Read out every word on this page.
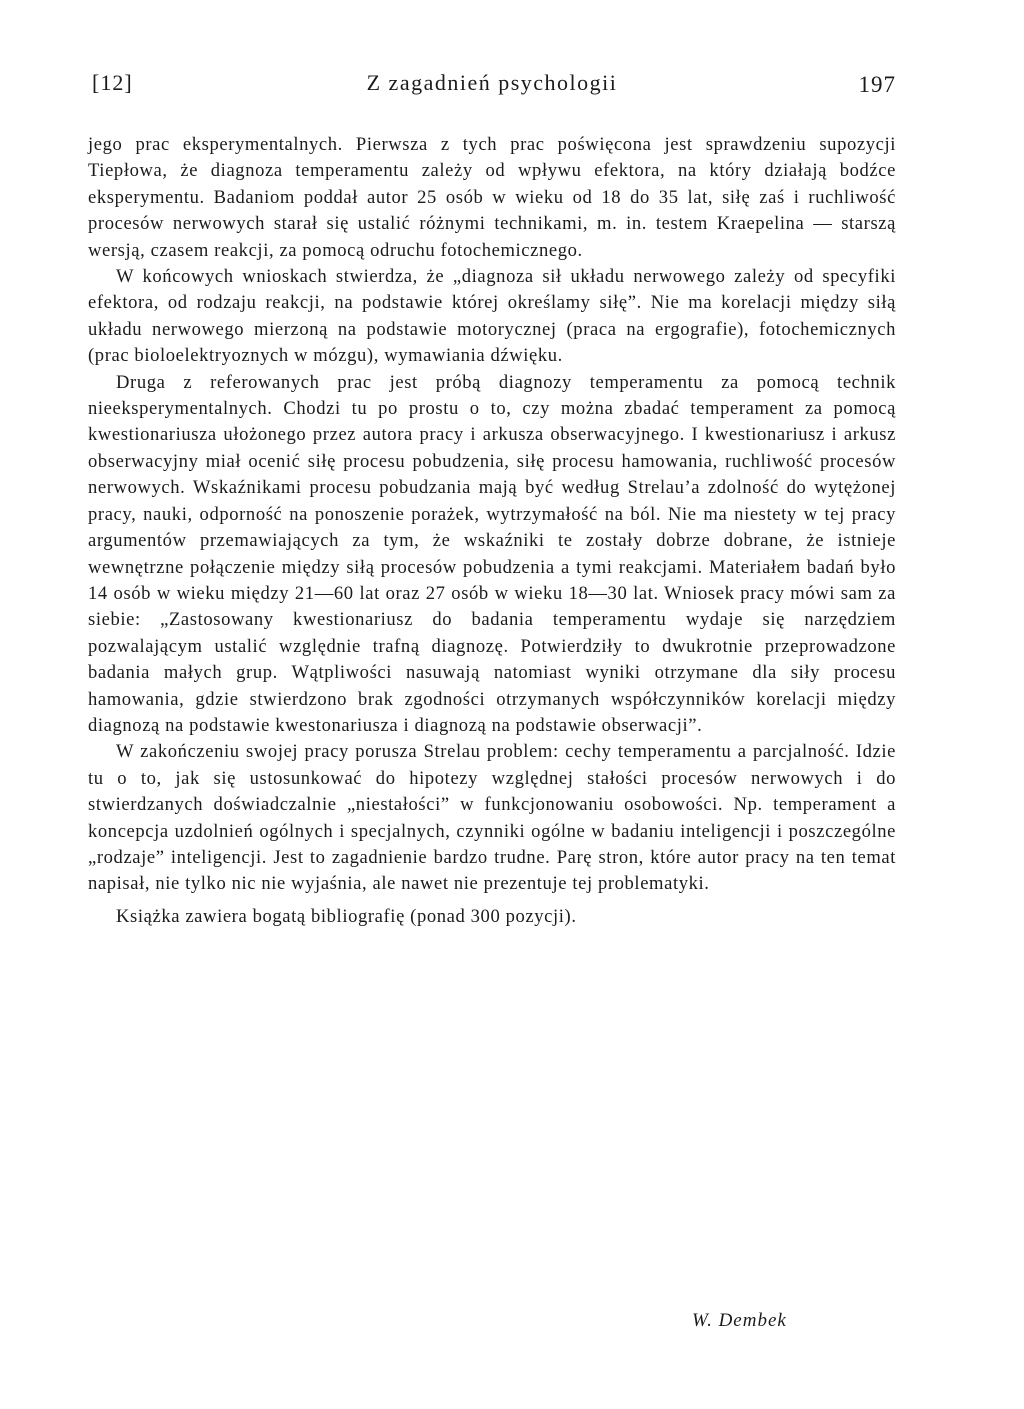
[12]	Z zagadnień psychologii	197

jego prac eksperymentalnych. Pierwsza z tych prac poświęcona jest sprawdzeniu supozycji Tiepłowa, że diagnoza temperamentu zależy od wpływu efektora, na który działają bodźce eksperymentu. Badaniom poddał autor 25 osób w wieku od 18 do 35 lat, siłę zaś i ruchliwość procesów nerwowych starał się ustalić różnymi technikami, m. in. testem Kraepelina — starszą wersją, czasem reakcji, za pomocą odruchu fotochemicznego.

W końcowych wnioskach stwierdza, że „diagnoza sił układu nerwowego zależy od specyfiki efektora, od rodzaju reakcji, na podstawie której określamy siłę”. Nie ma korelacji między siłą układu nerwowego mierzoną na podstawie motorycznej (praca na ergografie), fotochemicznych (prac bioloelektryoznych w mózgu), wymawiania dźwięku.

Druga z referowanych prac jest próbą diagnozy temperamentu za pomocą technik nieeksperymentalnych. Chodzi tu po prostu o to, czy można zbadać temperament za pomocą kwestionariusza ułożonego przez autora pracy i arkusza obserwacyjnego. I kwestionariusz i arkusz obserwacyjny miał ocenić siłę procesu pobudzenia, siłę procesu hamowania, ruchliwość procesów nerwowych. Wskaźnikami procesu pobudzania mają być według Strelau’a zdolność do wytężonej pracy, nauki, odporność na ponoszenie porażek, wytrzymałość na ból. Nie ma niestety w tej pracy argumentów przemawiających za tym, że wskaźniki te zostały dobrze dobrane, że istnieje wewnętrzne połączenie między siłą procesów pobudzenia a tymi reakcjami. Materiałem badań było 14 osób w wieku między 21—60 lat oraz 27 osób w wieku 18—30 lat. Wniosek pracy mówi sam za siebie: „Zastosowany kwestionariusz do badania temperamentu wydaje się narzędziem pozwalającym ustalić względnie trafną diagnozę. Potwierdziły to dwukrotnie przeprowadzone badania małych grup. Wątpliwości nasuwają natomiast wyniki otrzymane dla siły procesu hamowania, gdzie stwierdzono brak zgodności otrzymanych współczynników korelacji między diagnozą na podstawie kwestonariusza i diagnozą na podstawie obserwacji”.

W zakończeniu swojej pracy porusza Strelau problem: cechy temperamentu a parcjalność. Idzie tu o to, jak się ustosunkować do hipotezy względnej stałości procesów nerwowych i do stwierdzanych doświadczalnie „niestałości” w funkcjonowaniu osobowości. Np. temperament a koncepcja uzdolnień ogólnych i specjalnych, czynniki ogólne w badaniu inteligencji i poszczególne „rodzaje” inteligencji. Jest to zagadnienie bardzo trudne. Parę stron, które autor pracy na ten temat napisał, nie tylko nic nie wyjaśnia, ale nawet nie prezentuje tej problematyki.

Książka zawiera bogatą bibliografię (ponad 300 pozycji).
W. Dembek
